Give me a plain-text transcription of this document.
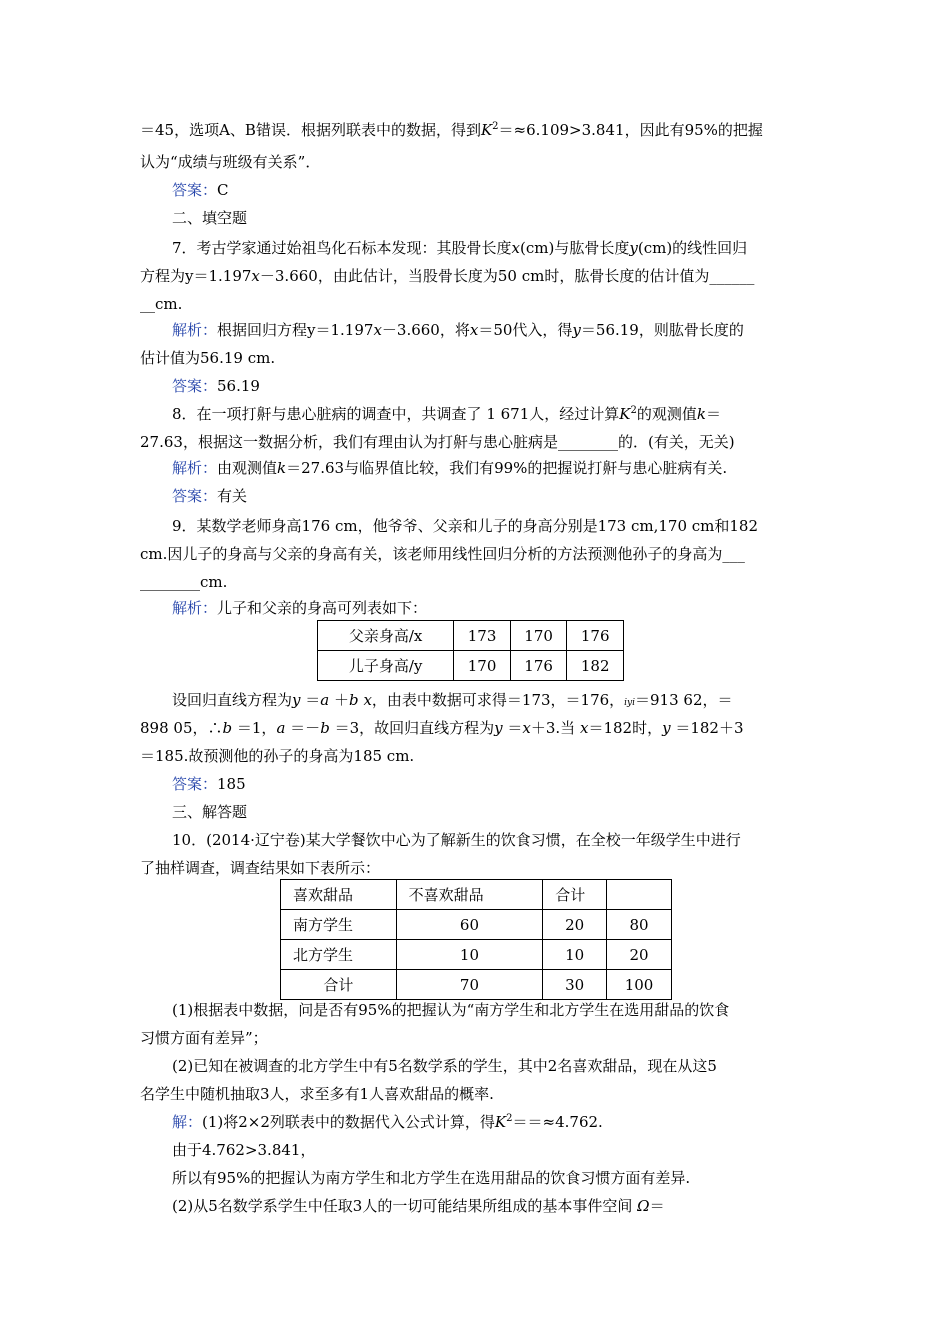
＝45，选项A、B错误．根据列联表中的数据，得到$K^2=\approx 6.109>3.841$，因此有95%的把握
认为“成绩与班级有关系”．
答案：C
二、填空题
7．考古学家通过始祖鸟化石标本发现：其股骨长度x(cm)与肱骨长度y(cm)的线性回归
方程为y＝1.197x－3.660，由此估计，当股骨长度为50 cm时，肱骨长度的估计值为______
__cm.
解析：根据回归方程y＝1.197x－3.660，将x＝50代入，得y＝56.19，则肱骨长度的
估计值为56.19 cm.
答案：56.19
8．在一项打鼾与患心脏病的调查中，共调查了 1 671人，经过计算$K^2$的观测值k＝
27.63，根据这一数据分析，我们有理由认为打鼾与患心脏病是________的．(有关，无关)
解析：由观测值k＝27.63与临界值比较，我们有99%的把握说打鼾与患心脏病有关.
答案：有关
9．某数学老师身高176 cm，他爷爷、父亲和儿子的身高分别是173 cm,170 cm和182
cm.因儿子的身高与父亲的身高有关，该老师用线性回归分析的方法预测他孙子的身高为___
________cm.
解析：儿子和父亲的身高可列表如下：
父亲身高/x	173	170	176
儿子身高/y	170	176	182
设回归直线方程为y ＝a ＋b x，由表中数据可求得＝173，＝176，iyi＝913 62，＝
898 05，∴b ＝1，a ＝－b ＝3，故回归直线方程为y ＝x＋3.当 x＝182时，y ＝182＋3
＝185.故预测他的孙子的身高为185 cm.
答案：185
三、解答题
10．(2014·辽宁卷)某大学餐饮中心为了解新生的饮食习惯，在全校一年级学生中进行
了抽样调查，调查结果如下表所示：
喜欢甜品	不喜欢甜品	合计	
南方学生	60	20	80
北方学生	10	10	20
合计	70	30	100
(1)根据表中数据，问是否有95%的把握认为“南方学生和北方学生在选用甜品的饮食
习惯方面有差异”；
(2)已知在被调查的北方学生中有5名数学系的学生，其中2名喜欢甜品，现在从这5
名学生中随机抽取3人，求至多有1人喜欢甜品的概率.
解：(1)将2×2列联表中的数据代入公式计算，得$K^2==\approx 4.762$.
由于4.762>3.841，
所以有95%的把握认为南方学生和北方学生在选用甜品的饮食习惯方面有差异.
(2)从5名数学系学生中任取3人的一切可能结果所组成的基本事件空间 Ω＝
